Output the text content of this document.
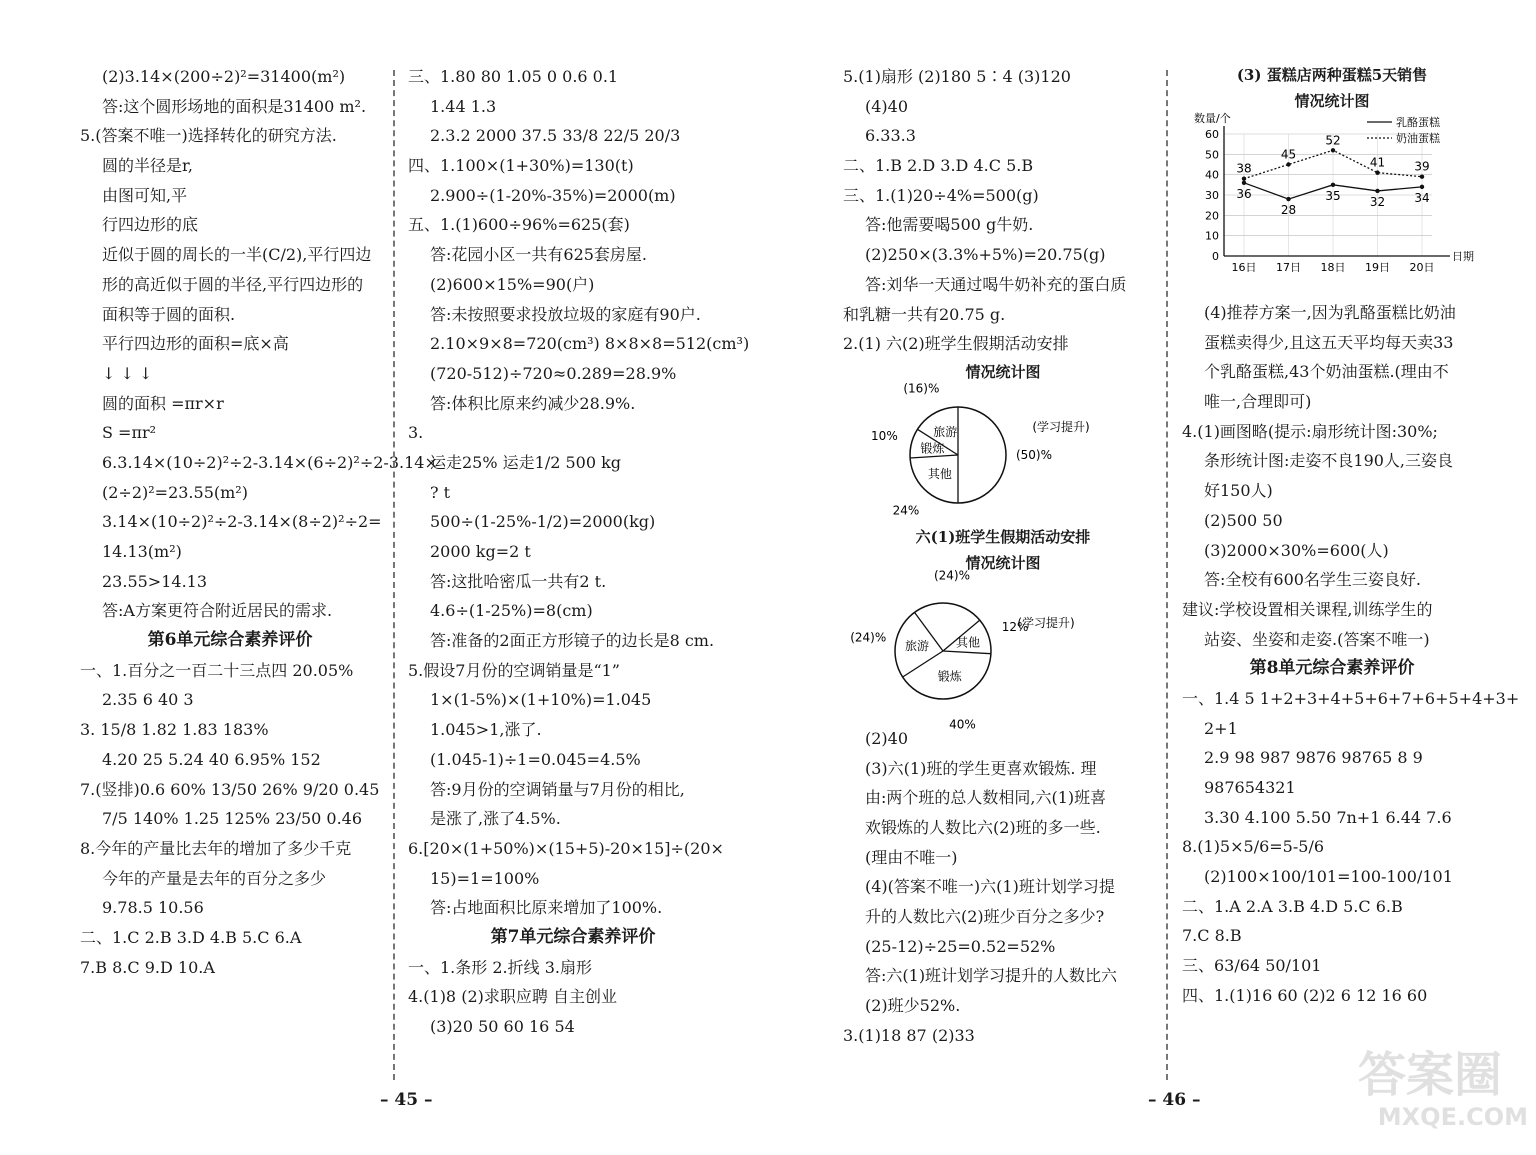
(2)3.14×(200÷2)²=31400(m²)
答:这个圆形场地的面积是31400 m².
5.(答案不唯一)选择转化的研究方法.
圆的半径是r,
由图可知,平
行四边形的底
近似于圆的周长的一半(C/2),平行四边
形的高近似于圆的半径,平行四边形的
面积等于圆的面积.
平行四边形的面积=底×高
↓ ↓ ↓
圆的面积 =πr×r
S =πr²
6.3.14×(10÷2)²÷2-3.14×(6÷2)²÷2-3.14×
(2÷2)²=23.55(m²)
3.14×(10÷2)²÷2-3.14×(8÷2)²÷2=
14.13(m²)
23.55>14.13
答:A方案更符合附近居民的需求.
第6单元综合素养评价
一、1.百分之一百二十三点四 20.05%
2.35 6 40 3
3. 15/8 1.82 1.83 183%
4.20 25 5.24 40 6.95% 152
7.(竖排)0.6 60% 13/50 26% 9/20 0.45
7/5 140% 1.25 125% 23/50 0.46
8.今年的产量比去年的增加了多少千克
今年的产量是去年的百分之多少
9.78.5 10.56
二、1.C 2.B 3.D 4.B 5.C 6.A
7.B 8.C 9.D 10.A
三、1.80 80 1.05 0 0.6 0.1
1.44 1.3
2.3.2 2000 37.5 33/8 22/5 20/3
四、1.100×(1+30%)=130(t)
2.900÷(1-20%-35%)=2000(m)
五、1.(1)600÷96%=625(套)
答:花园小区一共有625套房屋.
(2)600×15%=90(户)
答:未按照要求投放垃圾的家庭有90户.
2.10×9×8=720(cm³) 8×8×8=512(cm³)
(720-512)÷720≈0.289=28.9%
答:体积比原来约减少28.9%.
3.
运走25% 运走1/2 500 kg
? t
500÷(1-25%-1/2)=2000(kg)
2000 kg=2 t
答:这批哈密瓜一共有2 t.
4.6÷(1-25%)=8(cm)
答:准备的2面正方形镜子的边长是8 cm.
5.假设7月份的空调销量是“1”
1×(1-5%)×(1+10%)=1.045
1.045>1,涨了.
(1.045-1)÷1=0.045=4.5%
答:9月份的空调销量与7月份的相比,
是涨了,涨了4.5%.
6.[20×(1+50%)×(15+5)-20×15]÷(20×
15)=1=100%
答:占地面积比原来增加了100%.
第7单元综合素养评价
一、1.条形 2.折线 3.扇形
4.(1)8 (2)求职应聘 自主创业
(3)20 50 60 16 54
– 45 –
5.(1)扇形 (2)180 5∶4 (3)120
(4)40
6.33.3
二、1.B 2.D 3.D 4.C 5.B
三、1.(1)20÷4%=500(g)
答:他需要喝500 g牛奶.
(2)250×(3.3%+5%)=20.75(g)
答:刘华一天通过喝牛奶补充的蛋白质
和乳糖一共有20.75 g.
2.(1) 六(2)班学生假期活动安排
情况统计图
其他
24%
锻炼
10%	旅游
(16)%
(50)%
(学习提升)
六(1)班学生假期活动安排
情况统计图
其他
12%
锻炼
40%
旅游
(24)%
(24)%
(学习提升)
(2)40
(3)六(1)班的学生更喜欢锻炼. 理
由:两个班的总人数相同,六(1)班喜
欢锻炼的人数比六(2)班的多一些.
(理由不唯一)
(4)(答案不唯一)六(1)班计划学习提
升的人数比六(2)班少百分之多少?
(25-12)÷25=0.52=52%
答:六(1)班计划学习提升的人数比六
(2)班少52%.
3.(1)18 87 (2)33
(3) 蛋糕店两种蛋糕5天销售
情况统计图
0
10
20
30
40
50
60
16日 17日 18日 19日 20日
数量/个
日期
乳酪蛋糕
奶油蛋糕
36
28
35 32 34
38
45
52
41 39
(4)推荐方案一,因为乳酪蛋糕比奶油
蛋糕卖得少,且这五天平均每天卖33
个乳酪蛋糕,43个奶油蛋糕.(理由不
唯一,合理即可)
4.(1)画图略(提示:扇形统计图:30%;
条形统计图:走姿不良190人,三姿良
好150人)
(2)500 50
(3)2000×30%=600(人)
答:全校有600名学生三姿良好.
建议:学校设置相关课程,训练学生的
站姿、坐姿和走姿.(答案不唯一)
第8单元综合素养评价
一、1.4 5 1+2+3+4+5+6+7+6+5+4+3+
2+1
2.9 98 987 9876 98765 8 9
987654321
3.30 4.100 5.50 7n+1 6.44 7.6
8.(1)5×5/6=5-5/6
(2)100×100/101=100-100/101
二、1.A 2.A 3.B 4.D 5.C 6.B
7.C 8.B
三、63/64 50/101
四、1.(1)16 60 (2)2 6 12 16 60
– 46 –	答案圈
MXQE.COM
